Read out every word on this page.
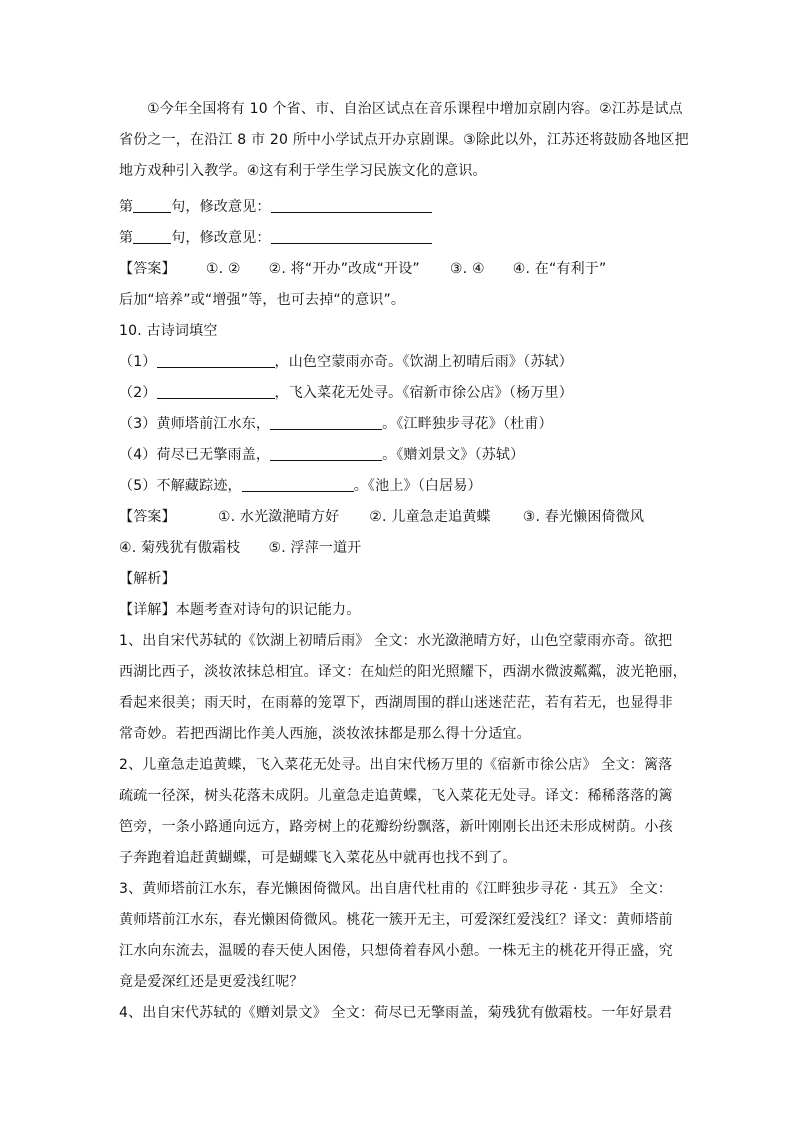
①今年全国将有 10 个省、市、自治区试点在音乐课程中增加京剧内容。②江苏是试点
省份之一，在沿江 8 市 20 所中小学试点开办京剧课。③除此以外，江苏还将鼓励各地区把
地方戏种引入教学。④这有利于学生学习民族文化的意识。
第	句，修改意见：
第	句，修改意见：
【答案】 ①. ② ②. 将“开办”改成“开设” ③. ④ ④. 在“有利于”
后加“培养”或“增强”等，也可去掉“的意识”。
10. 古诗词填空
（1）	，山色空蒙雨亦奇。《饮湖上初晴后雨》（苏轼）
（2）	，飞入菜花无处寻。《宿新市徐公店》（杨万里）
（3）黄师塔前江水东，	。《江畔独步寻花》（杜甫）
（4）荷尽已无擎雨盖，	。《赠刘景文》（苏轼）
（5）不解藏踪迹，	。《池上》（白居易）
【答案】	①. 水光潋滟晴方好 ②. 儿童急走追黄蝶 ③. 春光懒困倚微风
④. 菊残犹有傲霜枝 ⑤. 浮萍一道开
【解析】
【详解】本题考查对诗句的识记能力。
1、出自宋代苏轼的《饮湖上初晴后雨》 全文：水光潋滟晴方好，山色空蒙雨亦奇。欲把
西湖比西子，淡妆浓抹总相宜。译文：在灿烂的阳光照耀下，西湖水微波粼粼，波光艳丽，
看起来很美；雨天时，在雨幕的笼罩下，西湖周围的群山迷迷茫茫，若有若无，也显得非
常奇妙。若把西湖比作美人西施，淡妆浓抹都是那么得十分适宜。
2、儿童急走追黄蝶，飞入菜花无处寻。出自宋代杨万里的《宿新市徐公店》 全文：篱落
疏疏一径深，树头花落未成阴。儿童急走追黄蝶，飞入菜花无处寻。译文：稀稀落落的篱
笆旁，一条小路通向远方，路旁树上的花瓣纷纷飘落，新叶刚刚长出还未形成树荫。小孩
子奔跑着追赶黄蝴蝶，可是蝴蝶飞入菜花丛中就再也找不到了。
3、黄师塔前江水东，春光懒困倚微风。出自唐代杜甫的《江畔独步寻花 · 其五》 全文：
黄师塔前江水东，春光懒困倚微风。桃花一簇开无主，可爱深红爱浅红？译文：黄师塔前
江水向东流去，温暖的春天使人困倦，只想倚着春风小憩。一株无主的桃花开得正盛，究
竟是爱深红还是更爱浅红呢？
4、出自宋代苏轼的《赠刘景文》 全文：荷尽已无擎雨盖，菊残犹有傲霜枝。一年好景君
